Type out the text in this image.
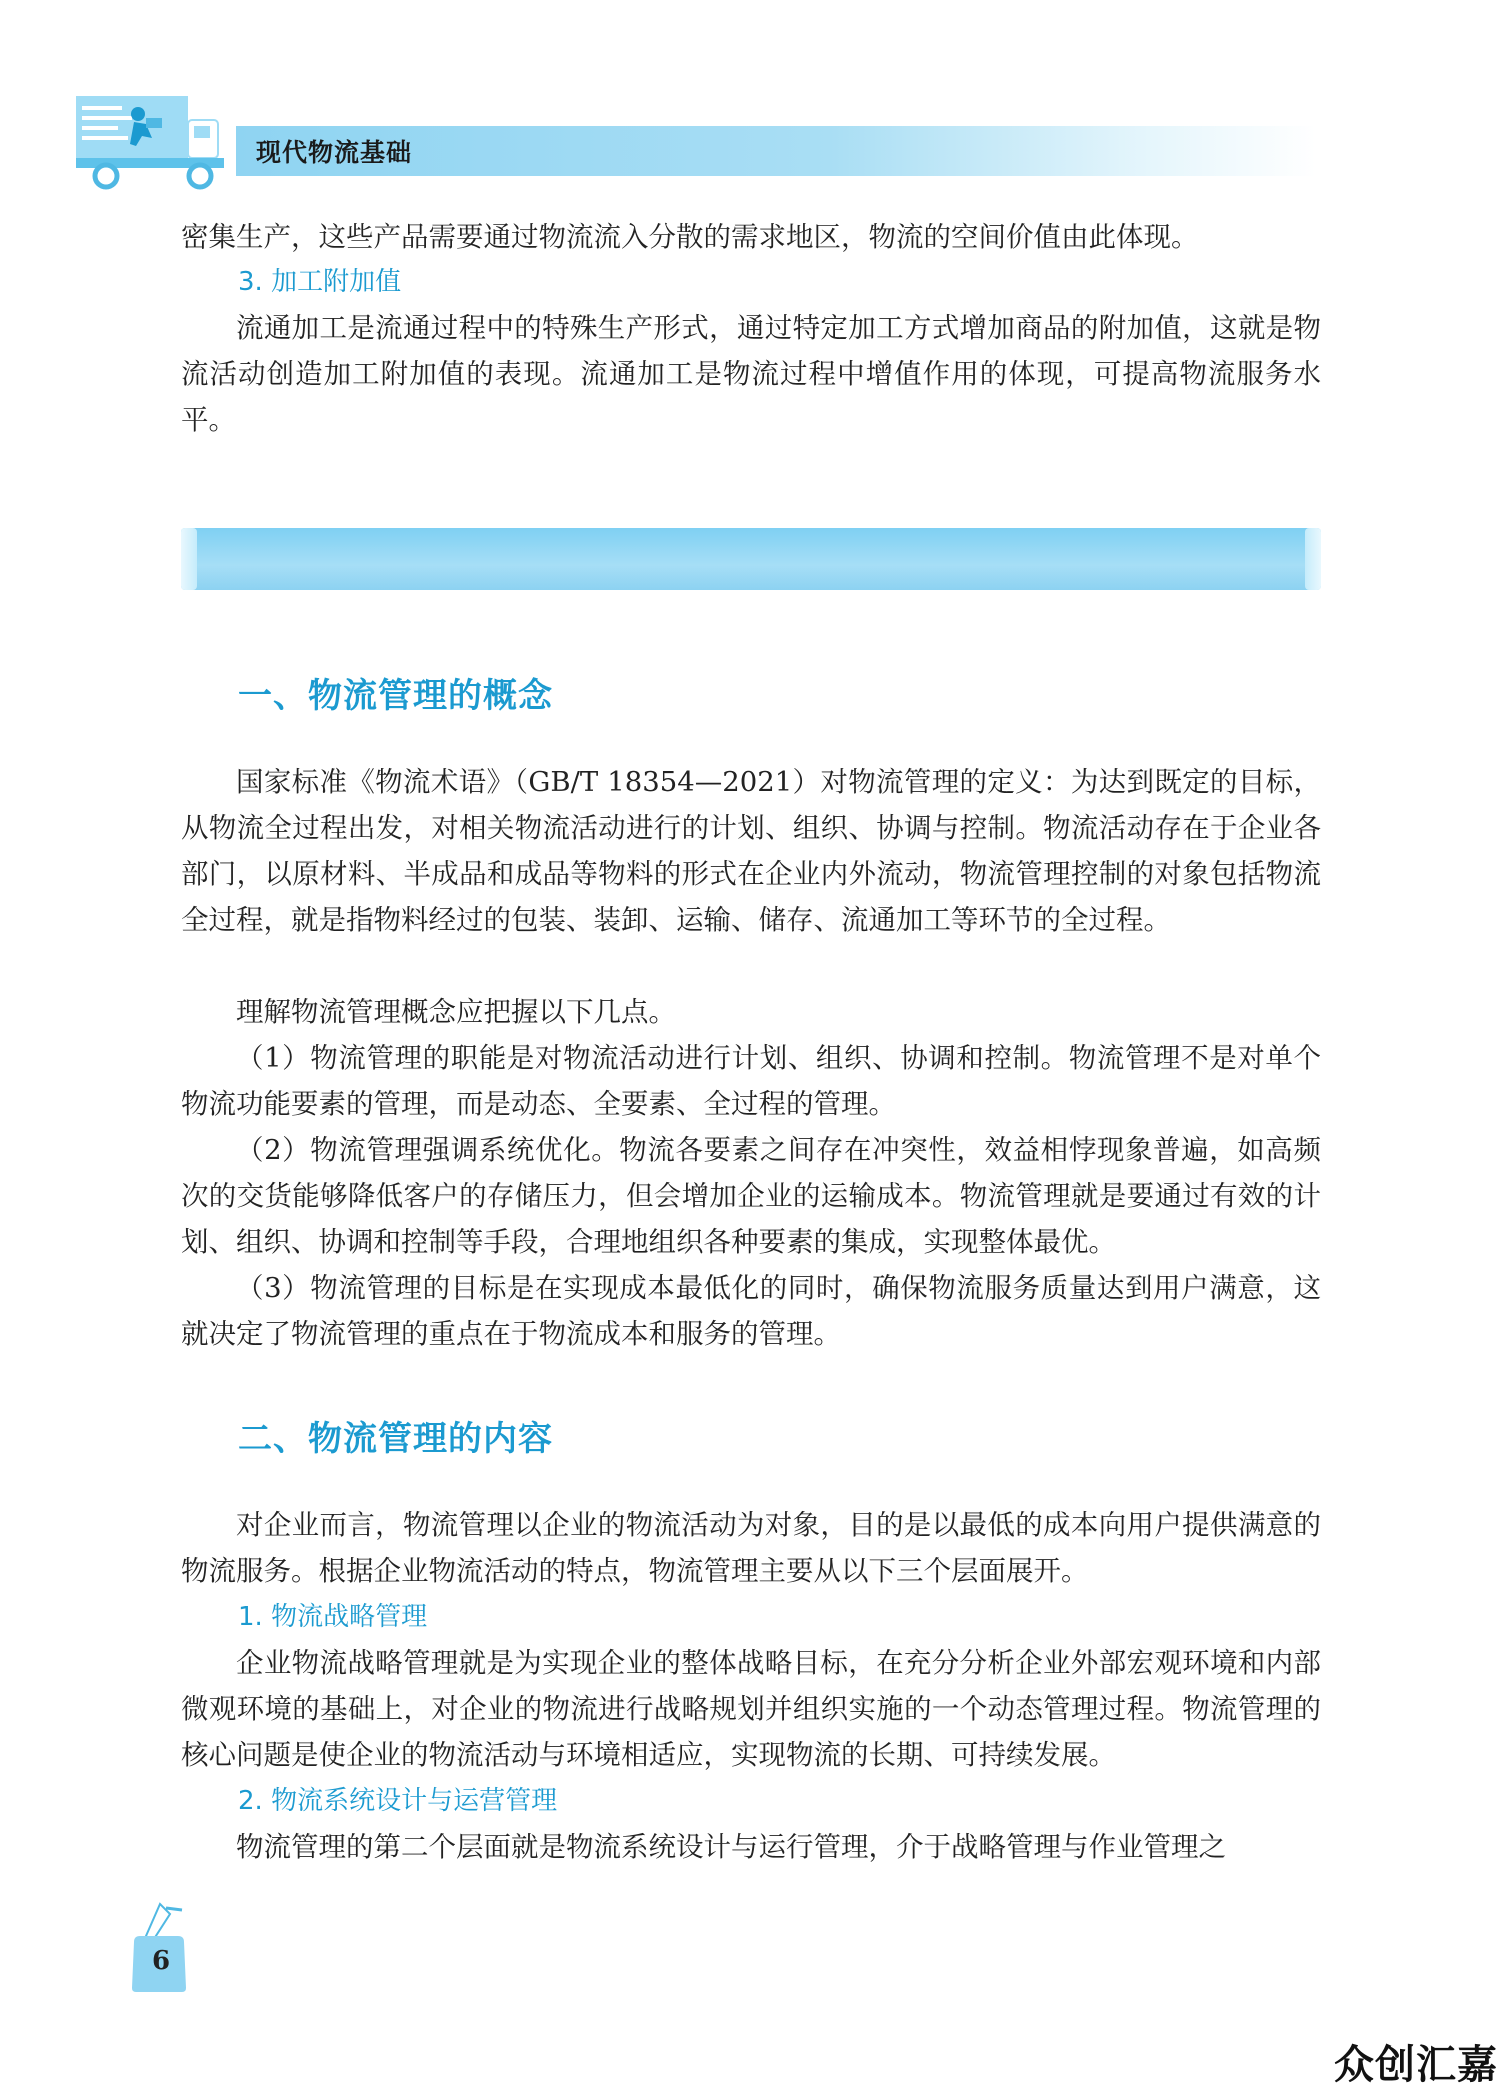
现代物流基础
密集生产，这些产品需要通过物流流入分散的需求地区，物流的空间价值由此体现。
3. 加工附加值
流通加工是流通过程中的特殊生产形式，通过特定加工方式增加商品的附加值，这就是物流活动创造加工附加值的表现。流通加工是物流过程中增值作用的体现，可提高物流服务水平。
一、物流管理的概念
国家标准《物流术语》（GB/T 18354—2021）对物流管理的定义：为达到既定的目标，从物流全过程出发，对相关物流活动进行的计划、组织、协调与控制。物流活动存在于企业各部门，以原材料、半成品和成品等物料的形式在企业内外流动，物流管理控制的对象包括物流全过程，就是指物料经过的包装、装卸、运输、储存、流通加工等环节的全过程。
理解物流管理概念应把握以下几点。
（1）物流管理的职能是对物流活动进行计划、组织、协调和控制。物流管理不是对单个物流功能要素的管理，而是动态、全要素、全过程的管理。
（2）物流管理强调系统优化。物流各要素之间存在冲突性，效益相悖现象普遍，如高频次的交货能够降低客户的存储压力，但会增加企业的运输成本。物流管理就是要通过有效的计划、组织、协调和控制等手段，合理地组织各种要素的集成，实现整体最优。
（3）物流管理的目标是在实现成本最低化的同时，确保物流服务质量达到用户满意，这就决定了物流管理的重点在于物流成本和服务的管理。
二、物流管理的内容
对企业而言，物流管理以企业的物流活动为对象，目的是以最低的成本向用户提供满意的物流服务。根据企业物流活动的特点，物流管理主要从以下三个层面展开。
1. 物流战略管理
企业物流战略管理就是为实现企业的整体战略目标，在充分分析企业外部宏观环境和内部微观环境的基础上，对企业的物流进行战略规划并组织实施的一个动态管理过程。物流管理的核心问题是使企业的物流活动与环境相适应，实现物流的长期、可持续发展。
2. 物流系统设计与运营管理
物流管理的第二个层面就是物流系统设计与运行管理，介于战略管理与作业管理之
6
众创汇嘉
